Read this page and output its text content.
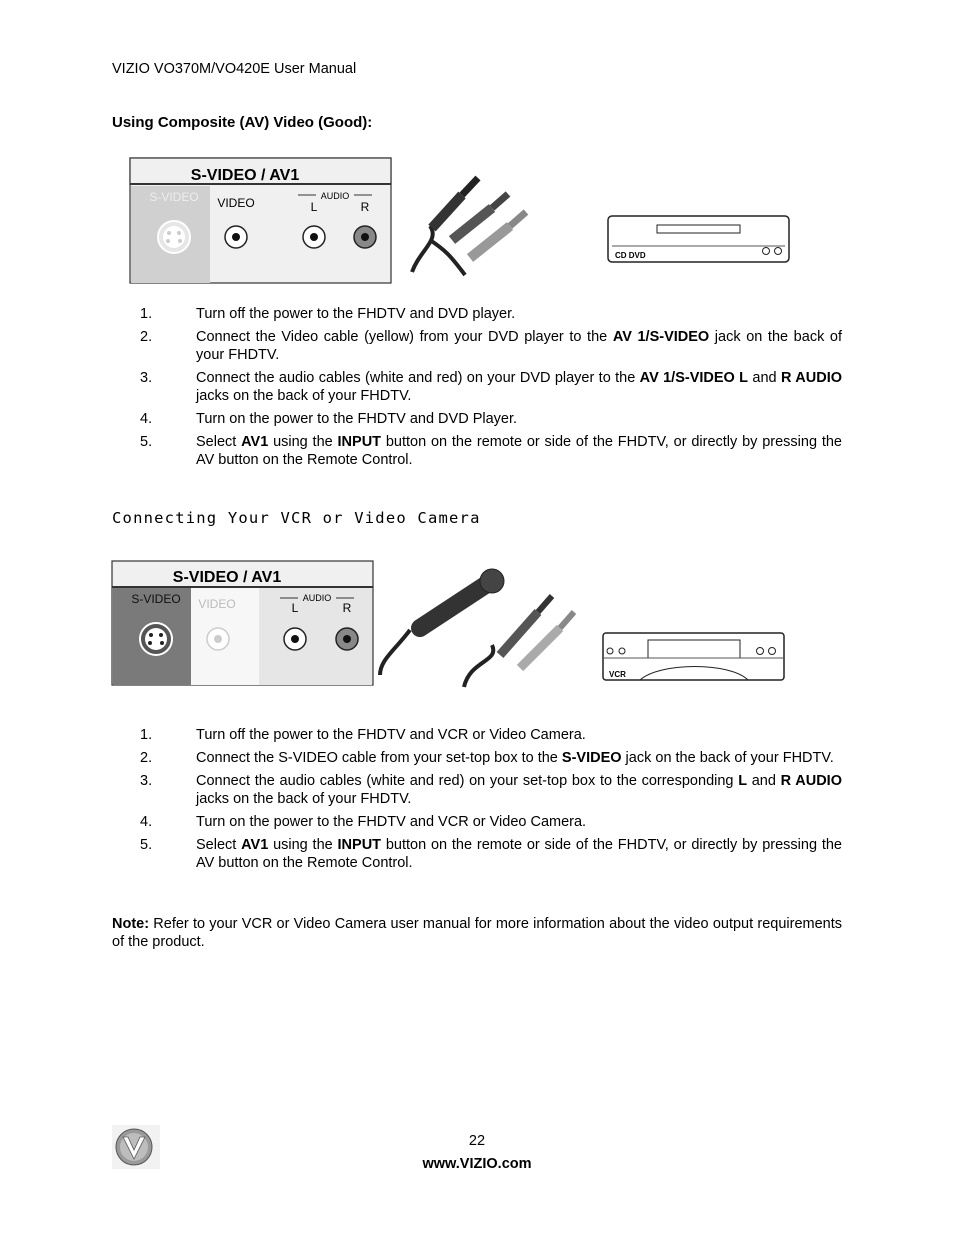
VIZIO VO370M/VO420E User Manual
Using Composite (AV) Video (Good):
S-VIDEO / AV1
S-VIDEO VIDEO	AUDIO
L	R
CD DVD
1.	Turn off the power to the FHDTV and DVD player.
2.	Connect the Video cable (yellow) from your DVD player to the AV 1/S-VIDEO jack on the back of your FHDTV.
3.	Connect the audio cables (white and red) on your DVD player to the AV 1/S-VIDEO L and R AUDIO jacks on the back of your FHDTV.
4.	Turn on the power to the FHDTV and DVD Player.
5.	Select AV1 using the INPUT button on the remote or side of the FHDTV, or directly by pressing the AV button on the Remote Control.
Connecting Your VCR or Video Camera
S-VIDEO / AV1
S-VIDEO VIDEO	AUDIO
L	R
VCR
1.	Turn off the power to the FHDTV and VCR or Video Camera.
2.	Connect the S-VIDEO cable from your set-top box to the S-VIDEO jack on the back of your FHDTV.
3.	Connect the audio cables (white and red) on your set-top box to the corresponding L and R AUDIO jacks on the back of your FHDTV.
4.	Turn on the power to the FHDTV and VCR or Video Camera.
5.	Select AV1 using the INPUT button on the remote or side of the FHDTV, or directly by pressing the AV button on the Remote Control.
Note: Refer to your VCR or Video Camera user manual for more information about the video output requirements of the product.
22
www.VIZIO.com
